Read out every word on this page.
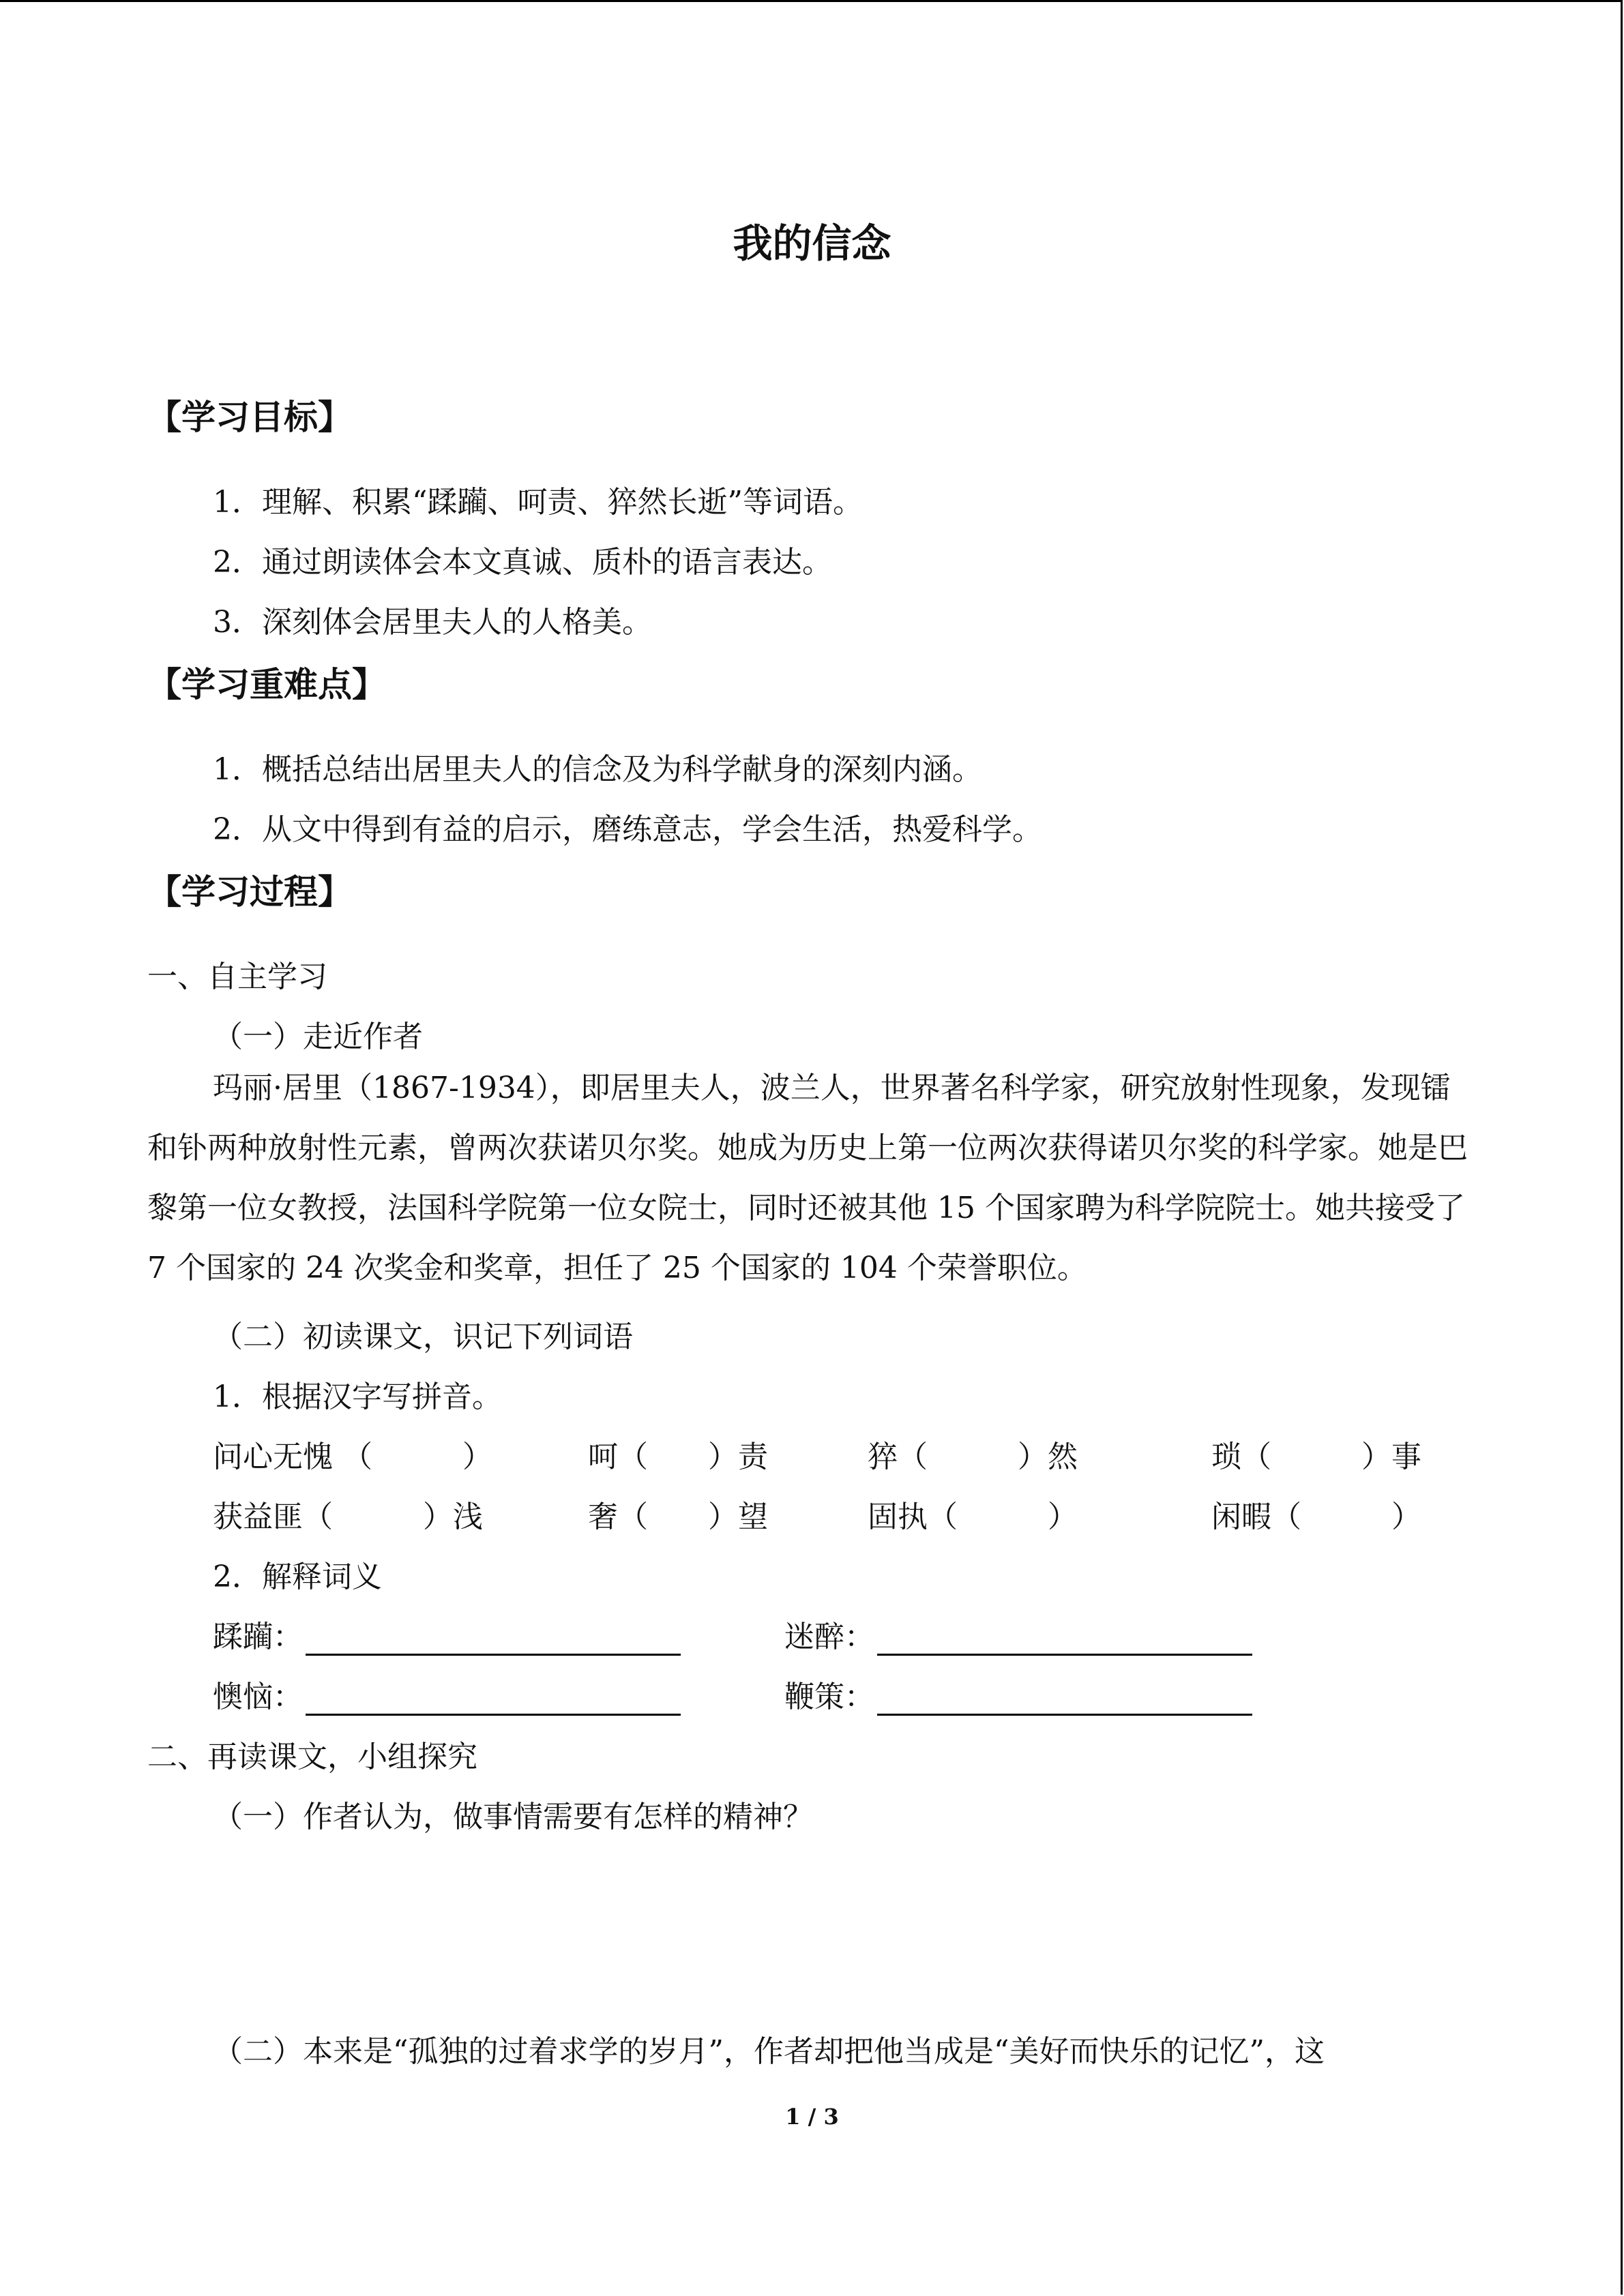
我的信念
【学习目标】
1．理解、积累“蹂躏、呵责、猝然长逝”等词语。
2．通过朗读体会本文真诚、质朴的语言表达。
3．深刻体会居里夫人的人格美。
【学习重难点】
1．概括总结出居里夫人的信念及为科学献身的深刻内涵。
2．从文中得到有益的启示，磨练意志，学会生活，热爱科学。
【学习过程】
一、自主学习
（一）走近作者
玛丽·居里（1867-1934），即居里夫人，波兰人，世界著名科学家，研究放射性现象，发现镭和钋两种放射性元素，曾两次获诺贝尔奖。她成为历史上第一位两次获得诺贝尔奖的科学家。她是巴黎第一位女教授，法国科学院第一位女院士，同时还被其他 15 个国家聘为科学院院士。她共接受了 7 个国家的 24 次奖金和奖章，担任了 25 个国家的 104 个荣誉职位。
（二）初读课文，识记下列词语
1．根据汉字写拼音。
问心无愧 （　　　）	呵（　　）责	猝（　　　）然	琐（　　　）事
获益匪（　　　）浅	奢（　　）望	固执（　　　）	闲暇（　　　）
2．解释词义
蹂躏：	迷醉：
懊恼：	鞭策：
二、再读课文，小组探究
（一）作者认为，做事情需要有怎样的精神？
（二）本来是“孤独的过着求学的岁月”，作者却把他当成是“美好而快乐的记忆”，这
1 / 3
